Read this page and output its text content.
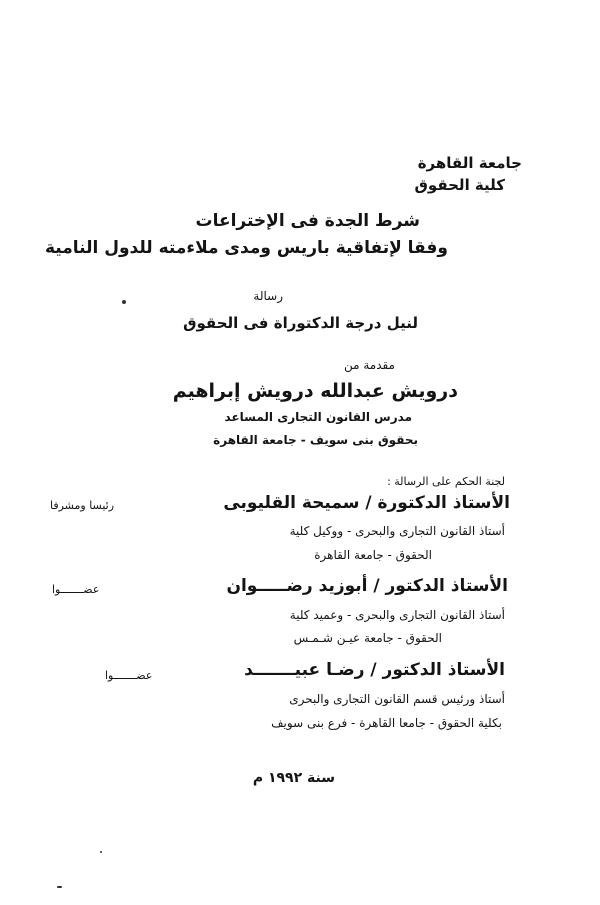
جامعة القاهرة
كلية الحقوق
شرط الجدة فى الإختراعات
وفقا لإتفاقية باريس ومدى ملاءمته للدول النامية
رسالة
لنيل درجة الدكتوراة فى الحقوق
مقدمة من
درويش عبدالله درويش إبراهيم
مدرس القانون التجارى المساعد
بحقوق بنى سويف - جامعة القاهرة
لجنة الحكم على الرسالة :
الأستاذ الدكتورة / سميحة القليوبى
رئيسا ومشرفا
أستاذ القانون التجارى والبحرى - ووكيل كلية
الحقوق - جامعة القاهرة
الأستاذ الدكتور / أبوزيد رضـــــوان
عضـــــــوا
أستاذ القانون التجارى والبحرى - وعميد كلية
الحقوق - جامعة عيـن شـمـس
الأستاذ الدكتور / رضـا عبيـــــــد
عضـــــــوا
أستاذ ورئيس قسم القانون التجارى والبحرى
بكلية الحقوق - جامعا القاهرة - فرع بنى سويف
سنة ١٩٩٢ م
